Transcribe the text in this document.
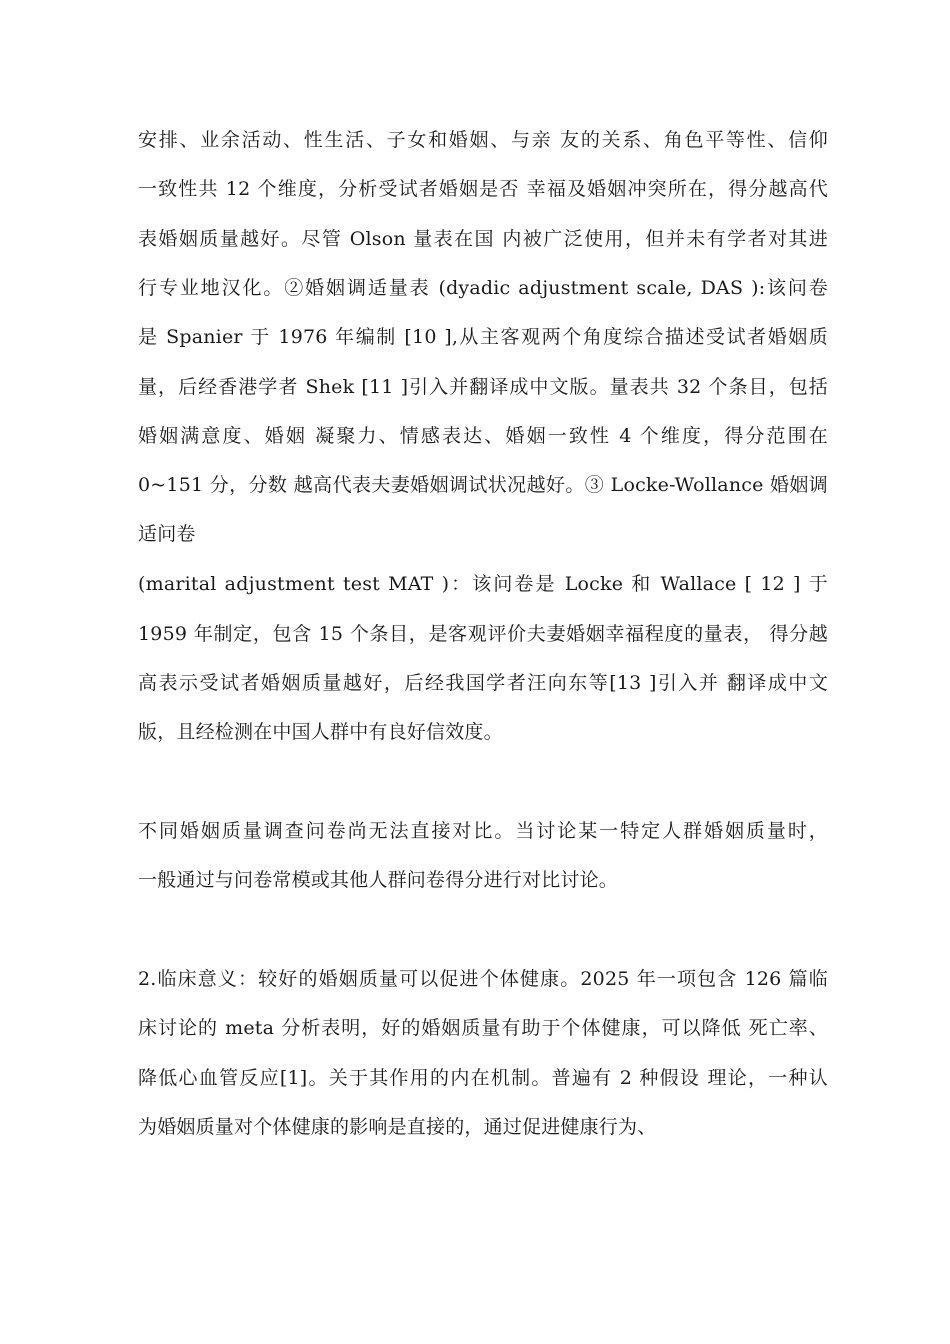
安排、业余活动、性生活、子女和婚姻、与亲 友的关系、角色平等性、信仰
一致性共 12 个维度，分析受试者婚姻是否 幸福及婚姻冲突所在，得分越高代
表婚姻质量越好。尽管 Olson 量表在国 内被广泛使用，但并未有学者对其进
行专业地汉化。②婚姻调适量表 (dyadic adjustment scale, DAS ):该问卷
是 Spanier 于 1976 年编制 [10 ],从主客观两个角度综合描述受试者婚姻质
量，后经香港学者 Shek [11 ]引入并翻译成中文版。量表共 32 个条目，包括
婚姻满意度、婚姻 凝聚力、情感表达、婚姻一致性 4 个维度，得分范围在
0~151 分，分数 越高代表夫妻婚姻调试状况越好。③ Locke-Wollance 婚姻调
适问卷
(marital adjustment test MAT )：该问卷是 Locke 和 Wallace [ 12 ] 于
1959 年制定，包含 15 个条目，是客观评价夫妻婚姻幸福程度的量表， 得分越
高表示受试者婚姻质量越好，后经我国学者汪向东等[13 ]引入并 翻译成中文
版，且经检测在中国人群中有良好信效度。
不同婚姻质量调查问卷尚无法直接对比。当讨论某一特定人群婚姻质量时，
一般通过与问卷常模或其他人群问卷得分进行对比讨论。
2.临床意义：较好的婚姻质量可以促进个体健康。2025 年一项包含 126 篇临
床讨论的 meta 分析表明，好的婚姻质量有助于个体健康，可以降低 死亡率、
降低心血管反应[1]。关于其作用的内在机制。普遍有 2 种假设 理论，一种认
为婚姻质量对个体健康的影响是直接的，通过促进健康行为、
